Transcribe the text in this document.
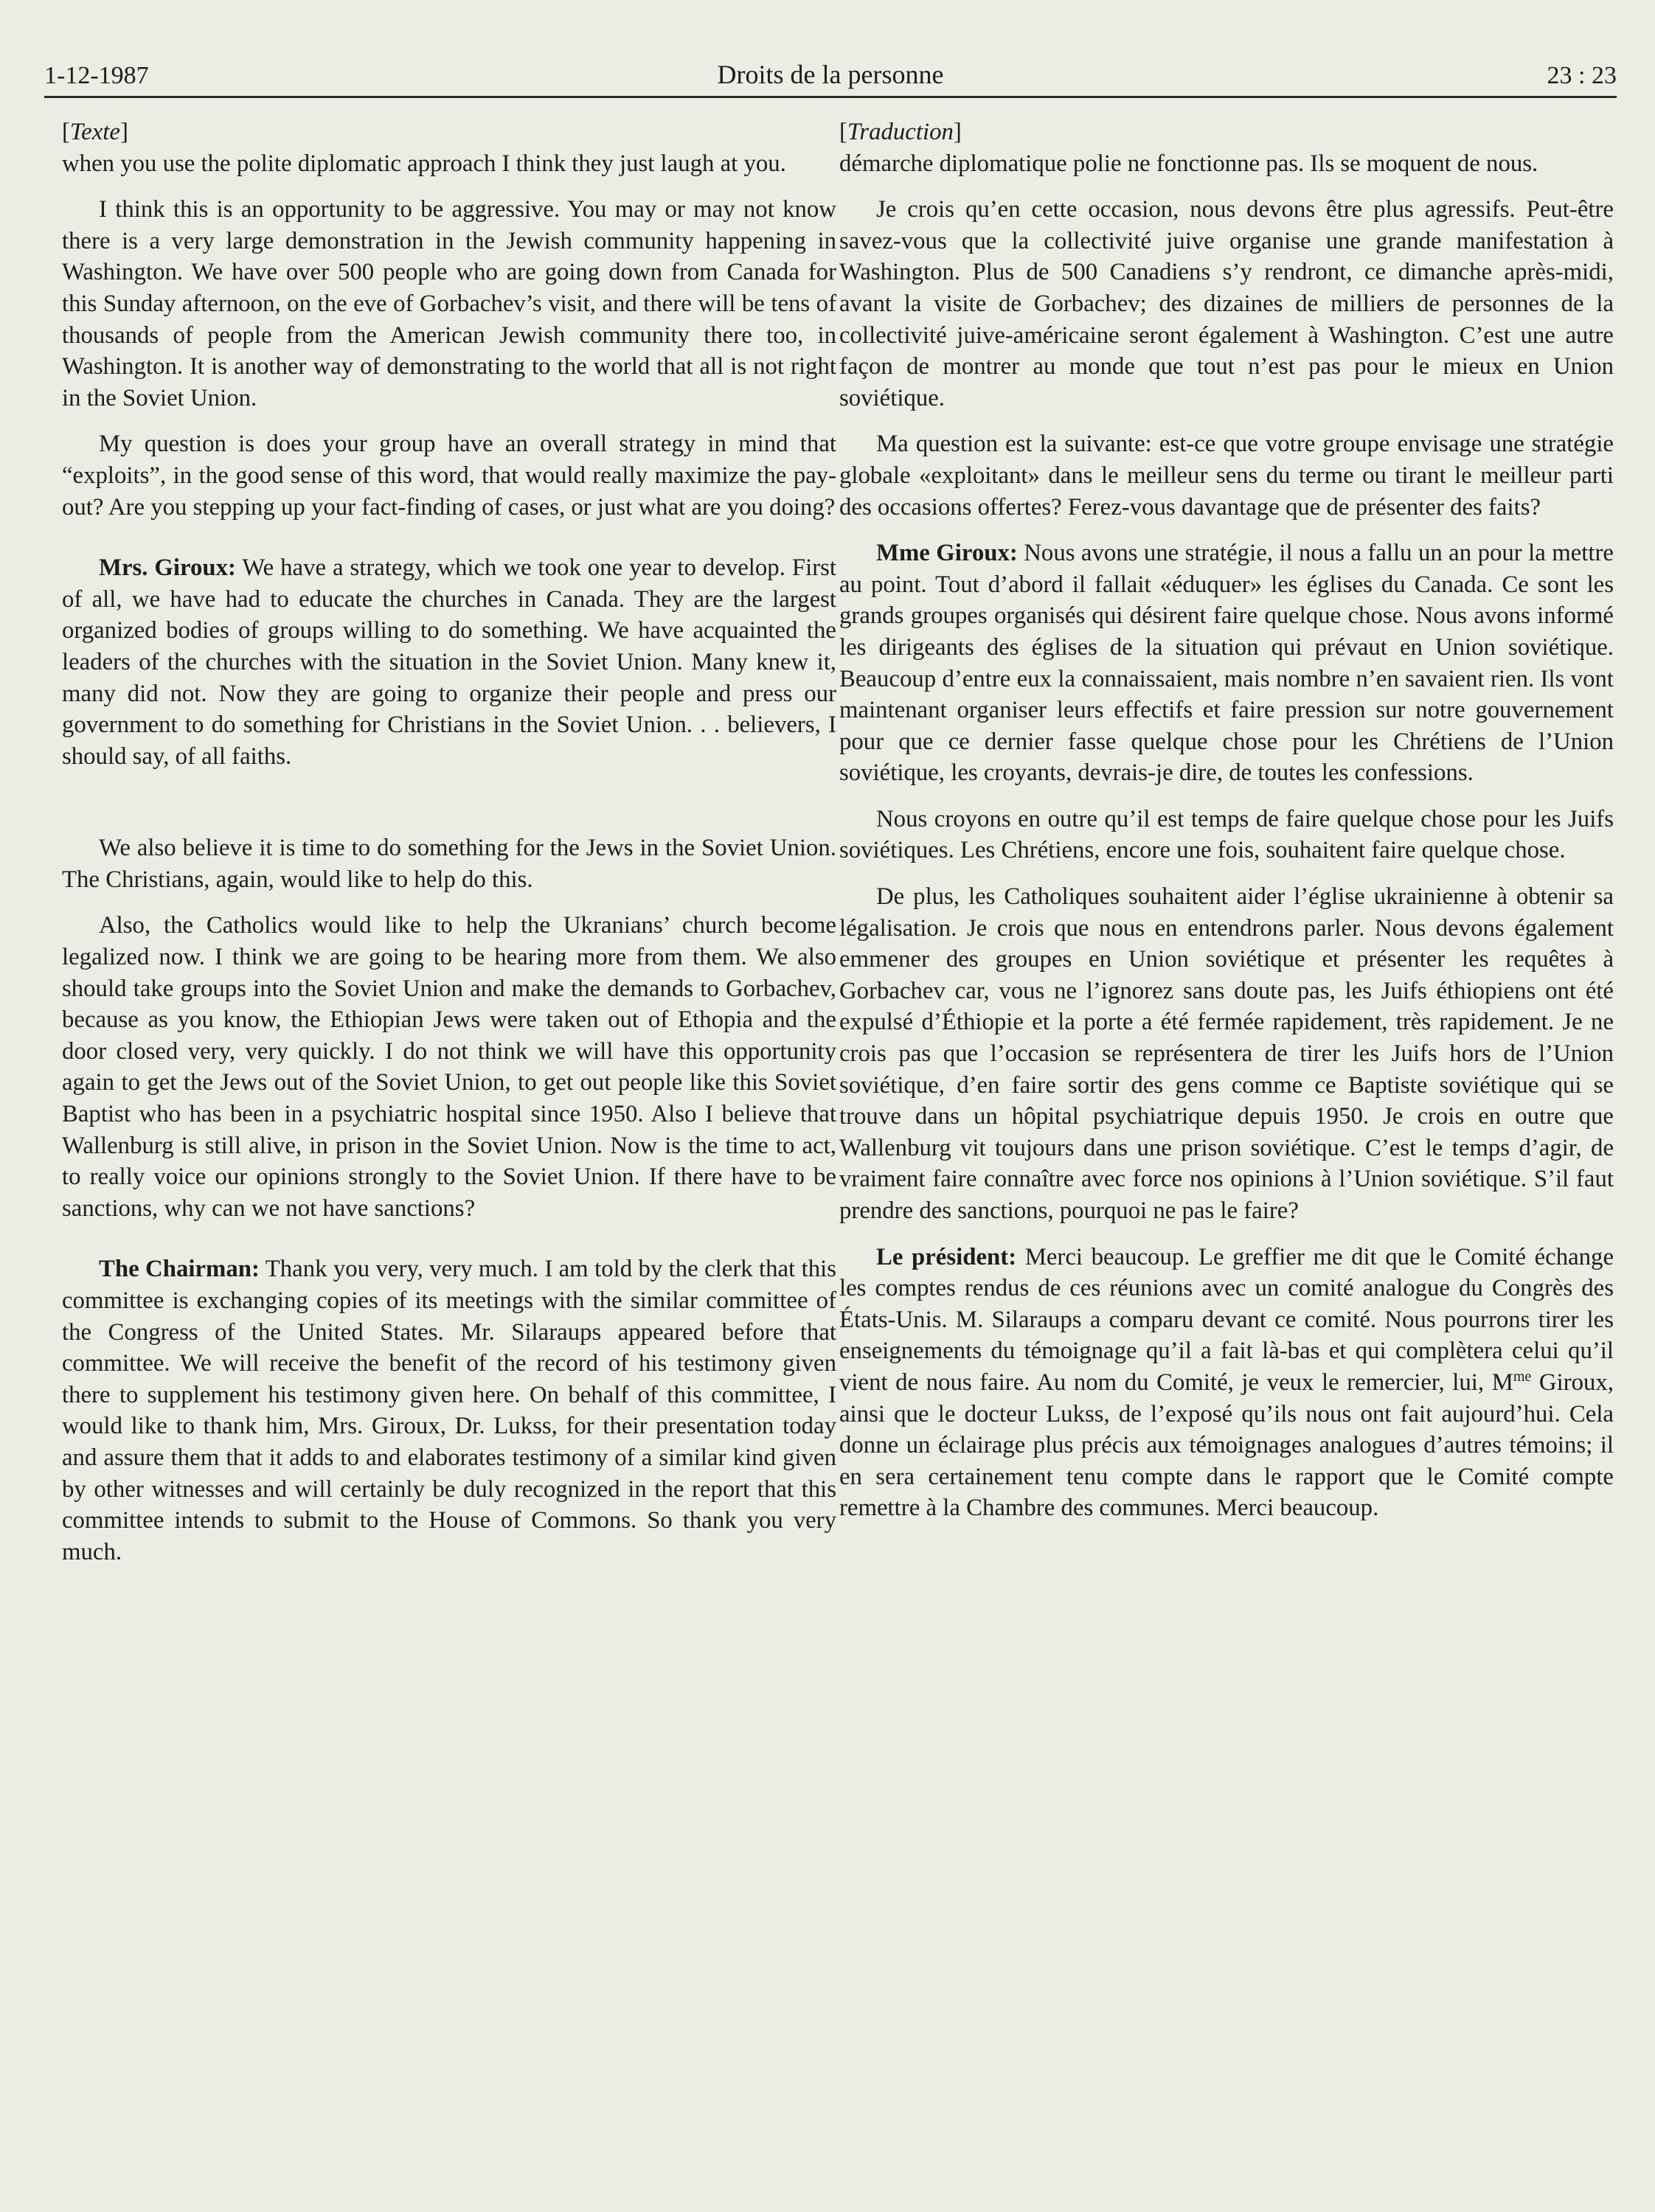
1-12-1987	Droits de la personne	23 : 23

[Texte]

when you use the polite diplomatic approach I think they just laugh at you.

I think this is an opportunity to be aggressive. You may or may not know there is a very large demonstration in the Jewish community happening in Washington. We have over 500 people who are going down from Canada for this Sunday afternoon, on the eve of Gorbachev’s visit, and there will be tens of thousands of people from the American Jewish community there too, in Washington. It is another way of demonstrating to the world that all is not right in the Soviet Union.

My question is does your group have an overall strategy in mind that “exploits”, in the good sense of this word, that would really maximize the pay-out? Are you stepping up your fact-finding of cases, or just what are you doing?

Mrs. Giroux: We have a strategy, which we took one year to develop. First of all, we have had to educate the churches in Canada. They are the largest organized bodies of groups willing to do something. We have acquainted the leaders of the churches with the situation in the Soviet Union. Many knew it, many did not. Now they are going to organize their people and press our government to do something for Christians in the Soviet Union. . . believers, I should say, of all faiths.

We also believe it is time to do something for the Jews in the Soviet Union. The Christians, again, would like to help do this.

Also, the Catholics would like to help the Ukranians’ church become legalized now. I think we are going to be hearing more from them. We also should take groups into the Soviet Union and make the demands to Gorbachev, because as you know, the Ethiopian Jews were taken out of Ethopia and the door closed very, very quickly. I do not think we will have this opportunity again to get the Jews out of the Soviet Union, to get out people like this Soviet Baptist who has been in a psychiatric hospital since 1950. Also I believe that Wallenburg is still alive, in prison in the Soviet Union. Now is the time to act, to really voice our opinions strongly to the Soviet Union. If there have to be sanctions, why can we not have sanctions?

The Chairman: Thank you very, very much. I am told by the clerk that this committee is exchanging copies of its meetings with the similar committee of the Congress of the United States. Mr. Silaraups appeared before that committee. We will receive the benefit of the record of his testimony given there to supplement his testimony given here. On behalf of this committee, I would like to thank him, Mrs. Giroux, Dr. Lukss, for their presentation today and assure them that it adds to and elaborates testimony of a similar kind given by other witnesses and will certainly be duly recognized in the report that this committee intends to submit to the House of Commons. So thank you very much.

[Traduction]

démarche diplomatique polie ne fonctionne pas. Ils se moquent de nous.

Je crois qu’en cette occasion, nous devons être plus agressifs. Peut-être savez-vous que la collectivité juive organise une grande manifestation à Washington. Plus de 500 Canadiens s’y rendront, ce dimanche après-midi, avant la visite de Gorbachev; des dizaines de milliers de personnes de la collectivité juive-américaine seront également à Washington. C’est une autre façon de montrer au monde que tout n’est pas pour le mieux en Union soviétique.

Ma question est la suivante: est-ce que votre groupe envisage une stratégie globale «exploitant» dans le meilleur sens du terme ou tirant le meilleur parti des occasions offertes? Ferez-vous davantage que de présenter des faits?

Mme Giroux: Nous avons une stratégie, il nous a fallu un an pour la mettre au point. Tout d’abord il fallait «éduquer» les églises du Canada. Ce sont les grands groupes organisés qui désirent faire quelque chose. Nous avons informé les dirigeants des églises de la situation qui prévaut en Union soviétique. Beaucoup d’entre eux la connaissaient, mais nombre n’en savaient rien. Ils vont maintenant organiser leurs effectifs et faire pression sur notre gouvernement pour que ce dernier fasse quelque chose pour les Chrétiens de l’Union soviétique, les croyants, devrais-je dire, de toutes les confessions.

Nous croyons en outre qu’il est temps de faire quelque chose pour les Juifs soviétiques. Les Chrétiens, encore une fois, souhaitent faire quelque chose.

De plus, les Catholiques souhaitent aider l’église ukrainienne à obtenir sa légalisation. Je crois que nous en entendrons parler. Nous devons également emmener des groupes en Union soviétique et présenter les requêtes à Gorbachev car, vous ne l’ignorez sans doute pas, les Juifs éthiopiens ont été expulsé d’Éthiopie et la porte a été fermée rapidement, très rapidement. Je ne crois pas que l’occasion se représentera de tirer les Juifs hors de l’Union soviétique, d’en faire sortir des gens comme ce Baptiste soviétique qui se trouve dans un hôpital psychiatrique depuis 1950. Je crois en outre que Wallenburg vit toujours dans une prison soviétique. C’est le temps d’agir, de vraiment faire connaître avec force nos opinions à l’Union soviétique. S’il faut prendre des sanctions, pourquoi ne pas le faire?

Le président: Merci beaucoup. Le greffier me dit que le Comité échange les comptes rendus de ces réunions avec un comité analogue du Congrès des États-Unis. M. Silaraups a comparu devant ce comité. Nous pourrons tirer les enseignements du témoignage qu’il a fait là-bas et qui complètera celui qu’il vient de nous faire. Au nom du Comité, je veux le remercier, lui, $M^{me}$ Giroux, ainsi que le docteur Lukss, de l’exposé qu’ils nous ont fait aujourd’hui. Cela donne un éclairage plus précis aux témoignages analogues d’autres témoins; il en sera certainement tenu compte dans le rapport que le Comité compte remettre à la Chambre des communes. Merci beaucoup.
